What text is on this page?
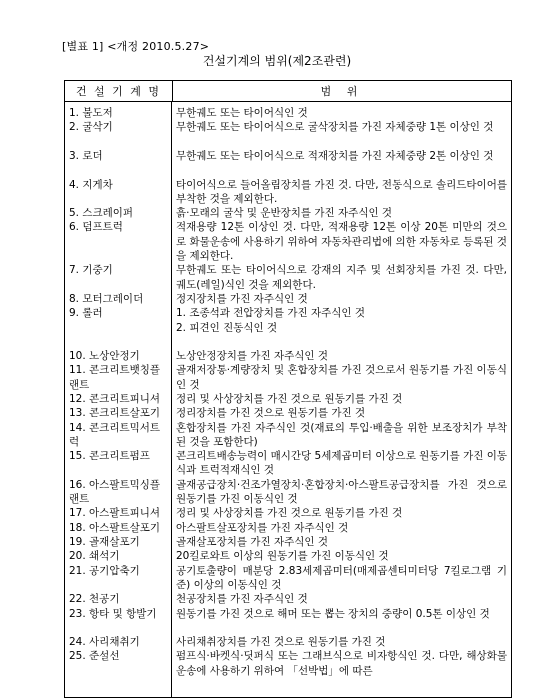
[별표 1] <개정 2010.5.27>
건설기계의 범위(제2조관련)
건 설 기 계 명	범 위
1. 불도저
2. 굴삭기
3. 로더
4. 지게차
5. 스크레이퍼
6. 덤프트럭
7. 기중기
8. 모터그레이더
9. 롤러
10. 노상안정기
11. 콘크리트뱃칭플랜트
12. 콘크리트피니셔
13. 콘크리트살포기
14. 콘크리트믹서트럭
15. 콘크리트펌프
16. 아스팔트믹싱플랜트
17. 아스팔트피니셔
18. 아스팔트살포기
19. 골재살포기
20. 쇄석기
21. 공기압축기
22. 천공기
23. 항타 및 항발기
24. 사리채취기
25. 준설선
무한궤도 또는 타이어식인 것
무한궤도 또는 타이어식으로 굴삭장치를 가진 자체중량 1톤 이상인 것
무한궤도 또는 타이어식으로 적재장치를 가진 자체중량 2톤 이상인 것
타이어식으로 들어올림장치를 가진 것. 다만, 전동식으로 솔리드타이어를 부착한 것을 제외한다.
흙·모래의 굴삭 및 운반장치를 가진 자주식인 것
적재용량 12톤 이상인 것. 다만, 적재용량 12톤 이상 20톤 미만의 것으로 화물운송에 사용하기 위하여 자동차관리법에 의한 자동차로 등록된 것을 제외한다.
무한궤도 또는 타이어식으로 강재의 지주 및 선회장치를 가진 것. 다만, 궤도(레일)식인 것을 제외한다.
정지장치를 가진 자주식인 것
1. 조종석과 전압장치를 가진 자주식인 것
2. 피견인 진동식인 것
노상안정장치를 가진 자주식인 것
골재저장통·계량장치 및 혼합장치를 가진 것으로서 원동기를 가진 이동식인 것
정리 및 사상장치를 가진 것으로 원동기를 가진 것
정리장치를 가진 것으로 원동기를 가진 것
혼합장치를 가진 자주식인 것(재료의 투입·배출을 위한 보조장치가 부착된 것을 포함한다)
콘크리트배송능력이 매시간당 5세제곱미터 이상으로 원동기를 가진 이동식과 트럭적재식인 것
골재공급장치·건조가열장치·혼합장치·아스팔트공급장치를 가진 것으로 원동기를 가진 이동식인 것
정리 및 사상장치를 가진 것으로 원동기를 가진 것
아스팔트살포장치를 가진 자주식인 것
골재살포장치를 가진 자주식인 것
20킬로와트 이상의 원동기를 가진 이동식인 것
공기토출량이 매분당 2.83세제곱미터(매제곱센티미터당 7킬로그램 기준) 이상의 이동식인 것
천공장치를 가진 자주식인 것
원동기를 가진 것으로 해머 또는 뽑는 장치의 중량이 0.5톤 이상인 것
사리채취장치를 가진 것으로 원동기를 가진 것
펌프식·바켓식·딧퍼식 또는 그래브식으로 비자항식인 것. 다만, 해상화물운송에 사용하기 위하여 「선박법」에 따른
